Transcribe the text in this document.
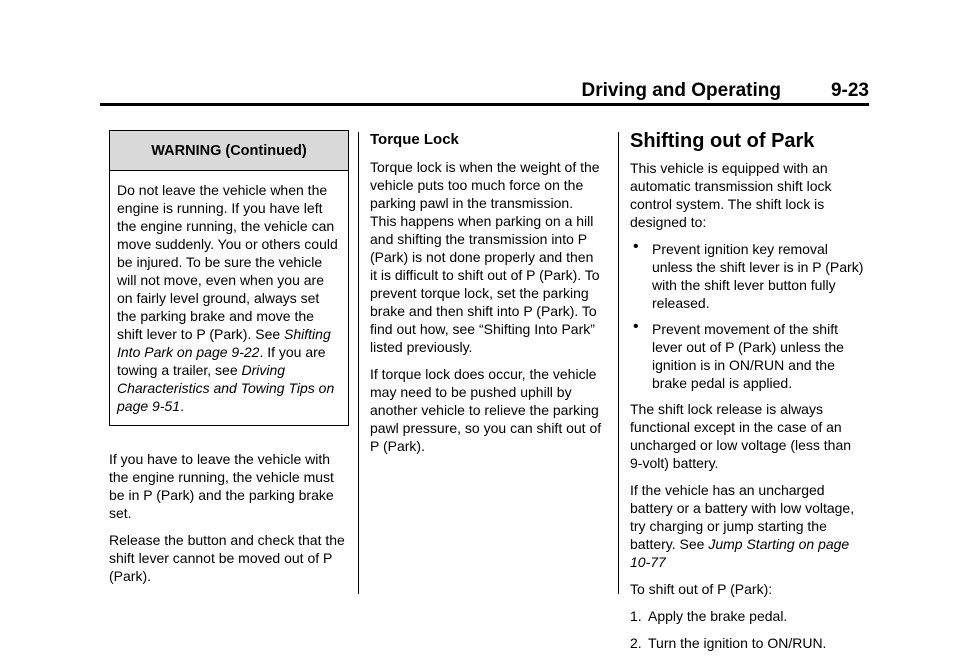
Driving and Operating	9-23
WARNING (Continued)
Do not leave the vehicle when the engine is running. If you have left the engine running, the vehicle can move suddenly. You or others could be injured. To be sure the vehicle will not move, even when you are on fairly level ground, always set the parking brake and move the shift lever to P (Park). See Shifting Into Park on page 9-22. If you are towing a trailer, see Driving Characteristics and Towing Tips on page 9-51.

If you have to leave the vehicle with the engine running, the vehicle must be in P (Park) and the parking brake set.

Release the button and check that the shift lever cannot be moved out of P (Park).

Torque Lock

Torque lock is when the weight of the vehicle puts too much force on the parking pawl in the transmission. This happens when parking on a hill and shifting the transmission into P (Park) is not done properly and then it is difficult to shift out of P (Park). To prevent torque lock, set the parking brake and then shift into P (Park). To find out how, see “Shifting Into Park” listed previously.

If torque lock does occur, the vehicle may need to be pushed uphill by another vehicle to relieve the parking pawl pressure, so you can shift out of P (Park).

Shifting out of Park

This vehicle is equipped with an automatic transmission shift lock control system. The shift lock is designed to:

• Prevent ignition key removal unless the shift lever is in P (Park) with the shift lever button fully released.
• Prevent movement of the shift lever out of P (Park) unless the ignition is in ON/RUN and the brake pedal is applied.

The shift lock release is always functional except in the case of an uncharged or low voltage (less than 9-volt) battery.

If the vehicle has an uncharged battery or a battery with low voltage, try charging or jump starting the battery. See Jump Starting on page 10-77

To shift out of P (Park):

1. Apply the brake pedal.
2. Turn the ignition to ON/RUN.
